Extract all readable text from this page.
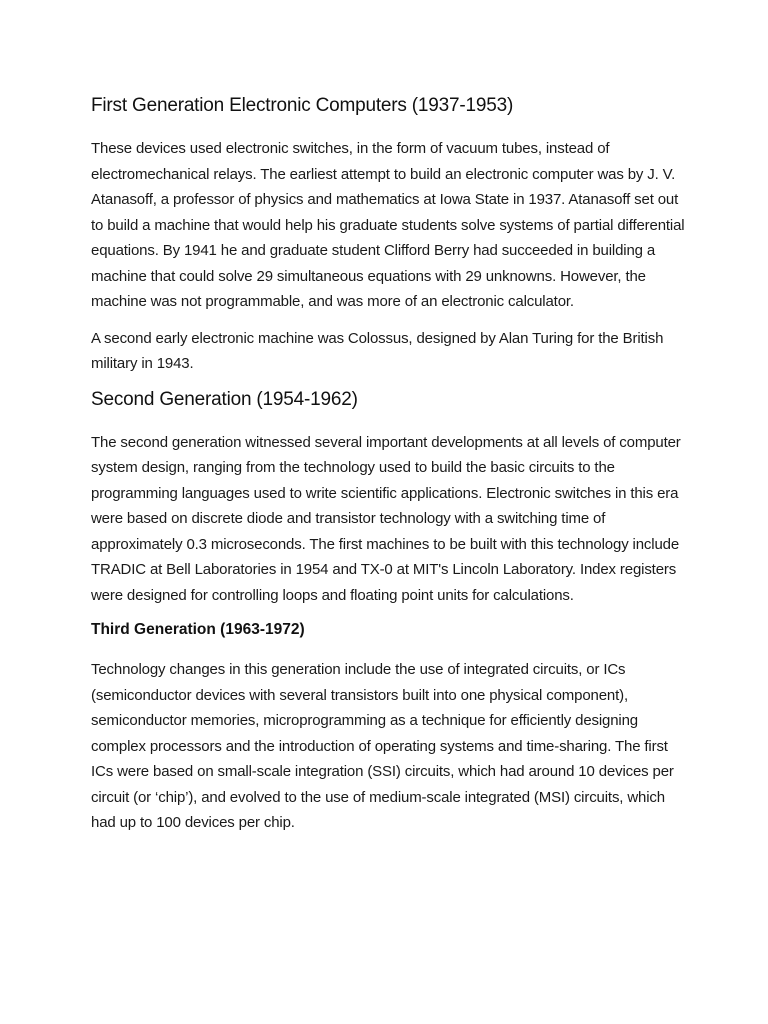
First Generation Electronic Computers (1937-1953)

These devices used electronic switches, in the form of vacuum tubes, instead of electromechanical relays. The earliest attempt to build an electronic computer was by J. V. Atanasoff, a professor of physics and mathematics at Iowa State in 1937. Atanasoff set out to build a machine that would help his graduate students solve systems of partial differential equations. By 1941 he and graduate student Clifford Berry had succeeded in building a machine that could solve 29 simultaneous equations with 29 unknowns. However, the machine was not programmable, and was more of an electronic calculator.

A second early electronic machine was Colossus, designed by Alan Turing for the British military in 1943.

Second Generation (1954-1962)

The second generation witnessed several important developments at all levels of computer system design, ranging from the technology used to build the basic circuits to the programming languages used to write scientific applications. Electronic switches in this era were based on discrete diode and transistor technology with a switching time of approximately 0.3 microseconds. The first machines to be built with this technology include TRADIC at Bell Laboratories in 1954 and TX-0 at MIT's Lincoln Laboratory. Index registers were designed for controlling loops and floating point units for calculations.

Third Generation (1963-1972)

Technology changes in this generation include the use of integrated circuits, or ICs (semiconductor devices with several transistors built into one physical component), semiconductor memories, microprogramming as a technique for efficiently designing complex processors and the introduction of operating systems and time-sharing. The first ICs were based on small-scale integration (SSI) circuits, which had around 10 devices per circuit (or ‘chip’), and evolved to the use of medium-scale integrated (MSI) circuits, which had up to 100 devices per chip.
